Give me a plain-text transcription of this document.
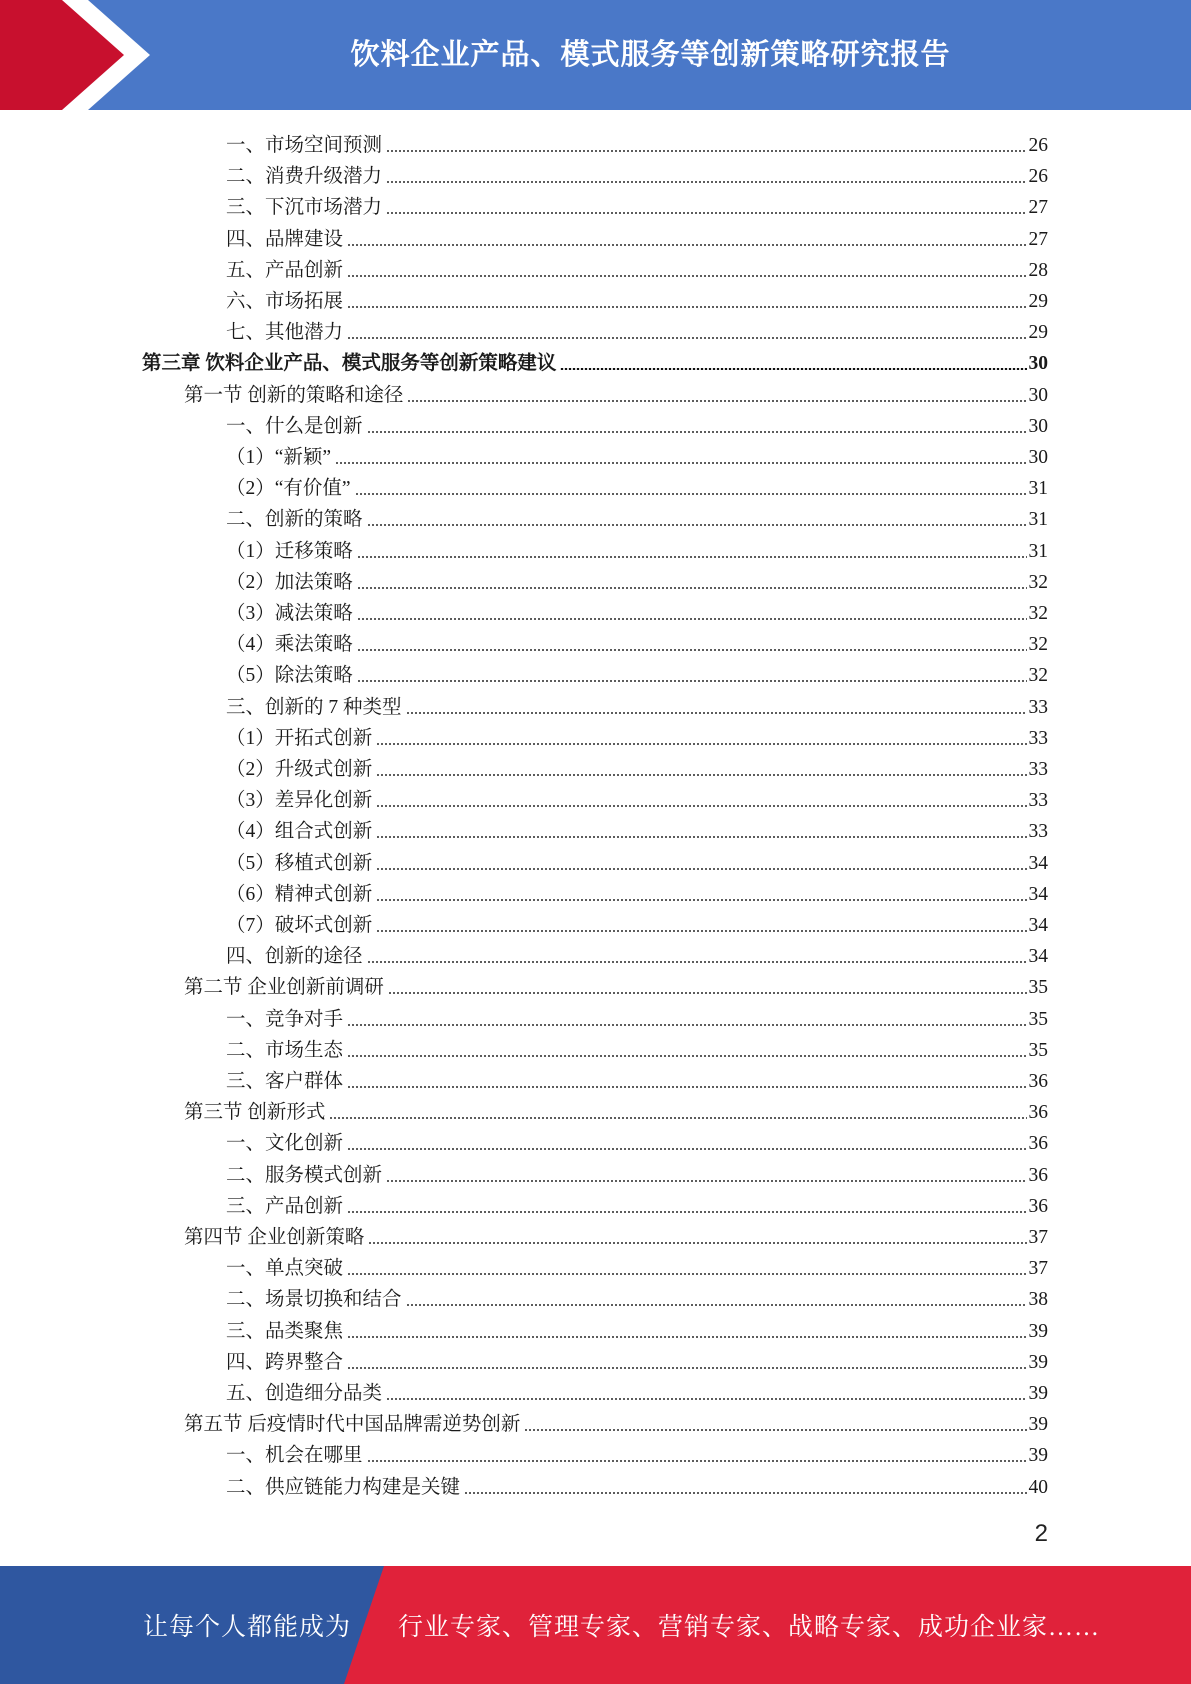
饮料企业产品、模式服务等创新策略研究报告
一、市场空间预测	26
二、消费升级潜力	26
三、下沉市场潜力	27
四、品牌建设	27
五、产品创新	28
六、市场拓展	29
七、其他潜力	29
第三章 饮料企业产品、模式服务等创新策略建议	30
第一节 创新的策略和途径	30
一、什么是创新	30
（1）“新颖”	30
（2）“有价值”	31
二、创新的策略	31
（1）迁移策略	31
（2）加法策略	32
（3）减法策略	32
（4）乘法策略	32
（5）除法策略	32
三、创新的 7 种类型	33
（1）开拓式创新	33
（2）升级式创新	33
（3）差异化创新	33
（4）组合式创新	33
（5）移植式创新	34
（6）精神式创新	34
（7）破坏式创新	34
四、创新的途径	34
第二节 企业创新前调研	35
一、竞争对手	35
二、市场生态	35
三、客户群体	36
第三节 创新形式	36
一、文化创新	36
二、服务模式创新	36
三、产品创新	36
第四节 企业创新策略	37
一、单点突破	37
二、场景切换和结合	38
三、品类聚焦	39
四、跨界整合	39
五、创造细分品类	39
第五节 后疫情时代中国品牌需逆势创新	39
一、机会在哪里	39
二、供应链能力构建是关键	40
2
让每个人都能成为 行业专家、管理专家、营销专家、战略专家、成功企业家……
